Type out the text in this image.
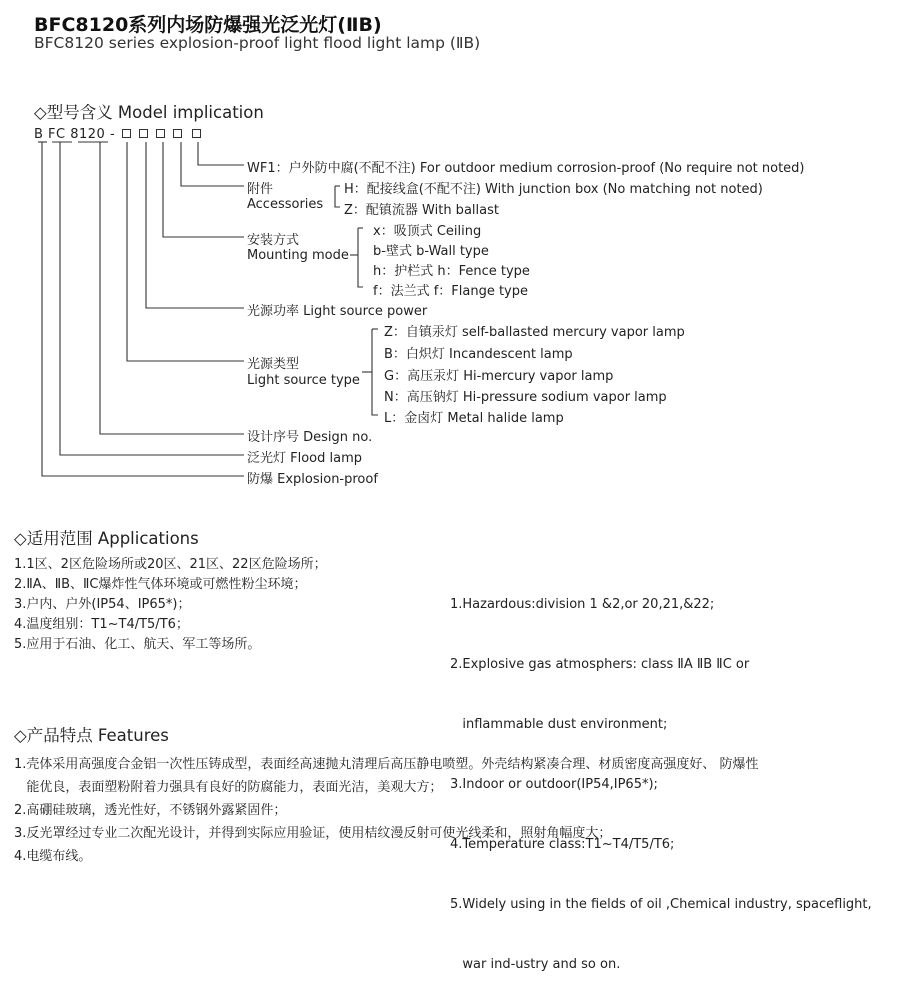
BFC8120系列内场防爆强光泛光灯(ⅡB)
BFC8120 series explosion-proof light flood light lamp (ⅡB)
◇型号含义 Model implication
B FC 8120 -
WF1：户外防中腐(不配不注) For outdoor medium corrosion-proof (No require not noted)
附件
Accessories
H：配接线盒(不配不注) With junction box (No matching not noted)
Z：配镇流器 With ballast
安装方式
Mounting mode
x：吸顶式 Ceiling
b-壁式 b-Wall type
h：护栏式 h：Fence type
f：法兰式 f：Flange type
光源功率 Light source power
光源类型
Light source type
Z：自镇汞灯 self-ballasted mercury vapor lamp
B：白炽灯 Incandescent lamp
G：高压汞灯 Hi-mercury vapor lamp
N：高压钠灯 Hi-pressure sodium vapor lamp
L：金卤灯 Metal halide lamp
设计序号 Design no.
泛光灯 Flood lamp
防爆 Explosion-proof
◇适用范围 Applications
1.1区、2区危险场所或20区、21区、22区危险场所；
2.ⅡA、ⅡB、ⅡC爆炸性气体环境或可燃性粉尘环境；
3.户内、户外(IP54、IP65*)；
4.温度组别：T1~T4/T5/T6；
5.应用于石油、化工、航天、军工等场所。

1.Hazardous:division 1 &2,or 20,21,&22;

2.Explosive gas atmosphers: class ⅡA ⅡB ⅡC or

inflammable dust environment;

3.Indoor or outdoor(IP54,IP65*);

4.Temperature class:T1~T4/T5/T6;

5.Widely using in the fields of oil ,Chemical industry, spaceflight,

war ind-ustry and so on.

◇产品特点 Features
1.壳体采用高强度合金铝一次性压铸成型，表面经高速抛丸清理后高压静电喷塑。外壳结构紧凑合理、材质密度高强度好、 防爆性
能优良，表面塑粉附着力强具有良好的防腐能力，表面光洁，美观大方；
2.高硼硅玻璃，透光性好，不锈钢外露紧固件；
3.反光罩经过专业二次配光设计，并得到实际应用验证，使用桔纹漫反射可使光线柔和，照射角幅度大；
4.电缆布线。
